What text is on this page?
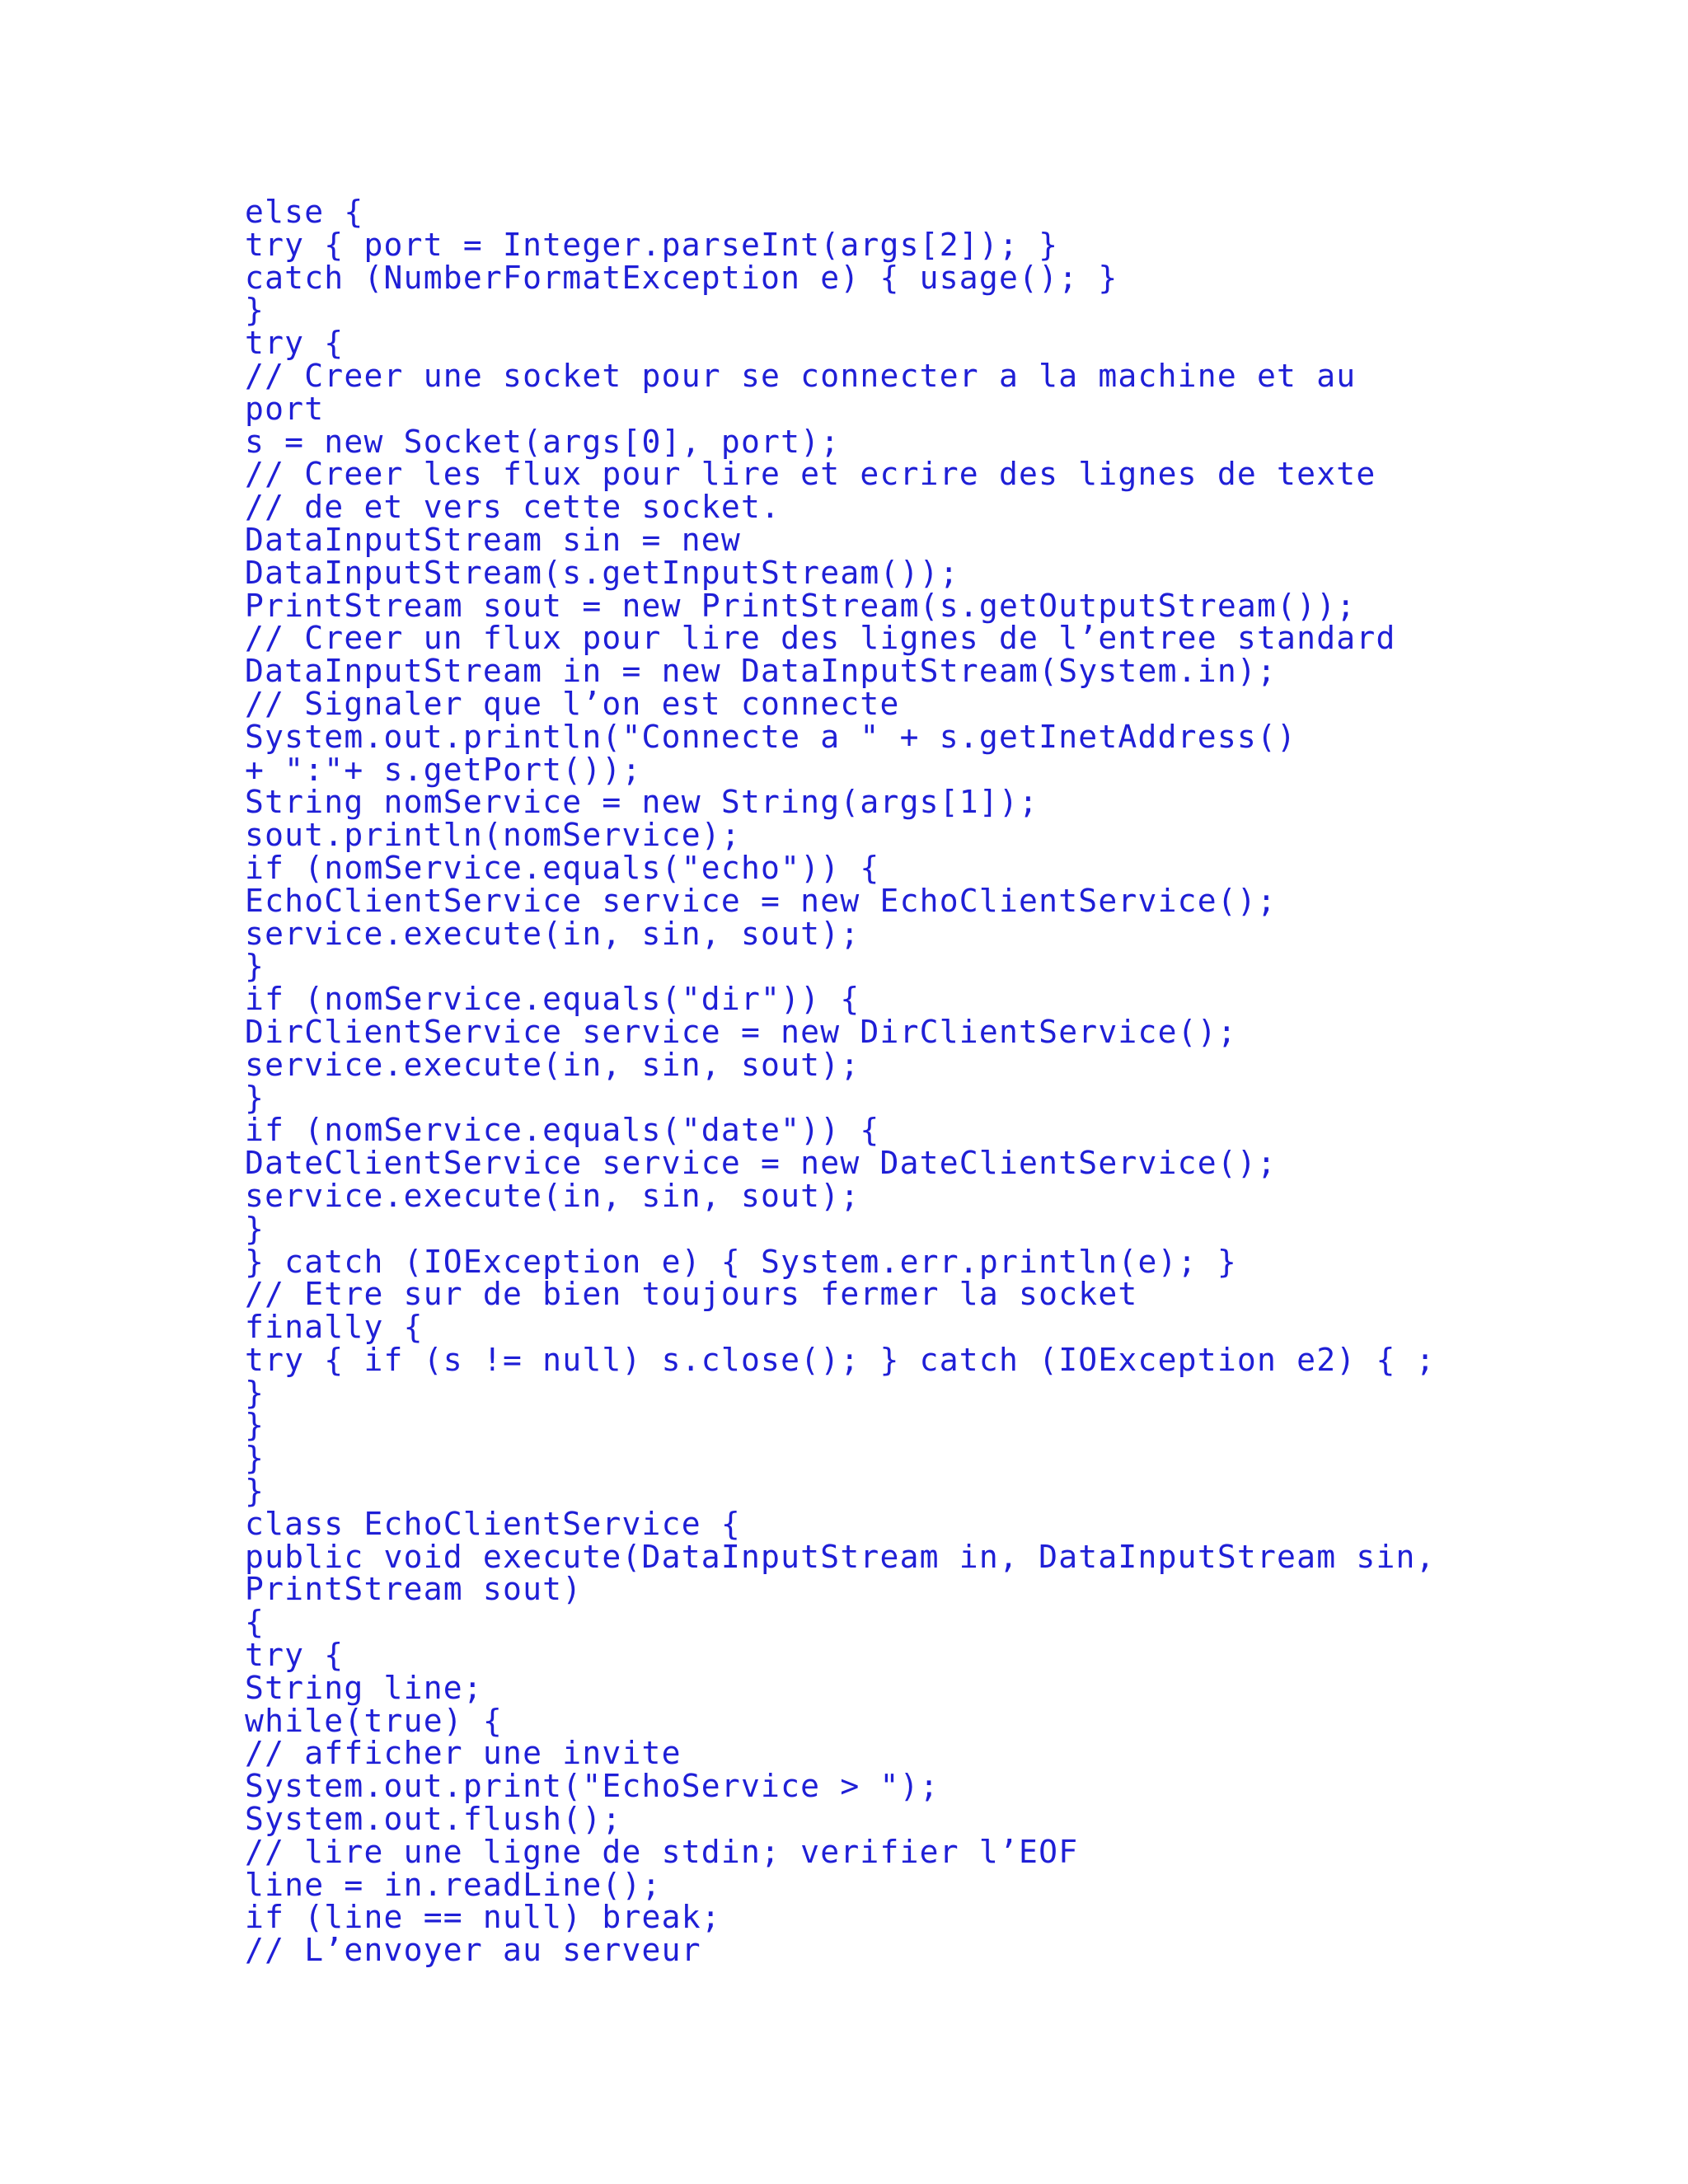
else {
try { port = Integer.parseInt(args[2]); }
catch (NumberFormatException e) { usage(); }
}
try {
// Creer une socket pour se connecter a la machine et au
port
s = new Socket(args[0], port);
// Creer les flux pour lire et ecrire des lignes de texte
// de et vers cette socket.
DataInputStream sin = new
DataInputStream(s.getInputStream());
PrintStream sout = new PrintStream(s.getOutputStream());
// Creer un flux pour lire des lignes de l’entree standard
DataInputStream in = new DataInputStream(System.in);
// Signaler que l’on est connecte
System.out.println("Connecte a " + s.getInetAddress()
+ ":"+ s.getPort());
String nomService = new String(args[1]);
sout.println(nomService);
if (nomService.equals("echo")) {
EchoClientService service = new EchoClientService();
service.execute(in, sin, sout);
}
if (nomService.equals("dir")) {
DirClientService service = new DirClientService();
service.execute(in, sin, sout);
}
if (nomService.equals("date")) {
DateClientService service = new DateClientService();
service.execute(in, sin, sout);
}
} catch (IOException e) { System.err.println(e); }
// Etre sur de bien toujours fermer la socket
finally {
try { if (s != null) s.close(); } catch (IOException e2) { ;
}
}
}
}
class EchoClientService {
public void execute(DataInputStream in, DataInputStream sin,
PrintStream sout)
{
try {
String line;
while(true) {
// afficher une invite
System.out.print("EchoService > ");
System.out.flush();
// lire une ligne de stdin; verifier l’EOF
line = in.readLine();
if (line == null) break;
// L’envoyer au serveur
